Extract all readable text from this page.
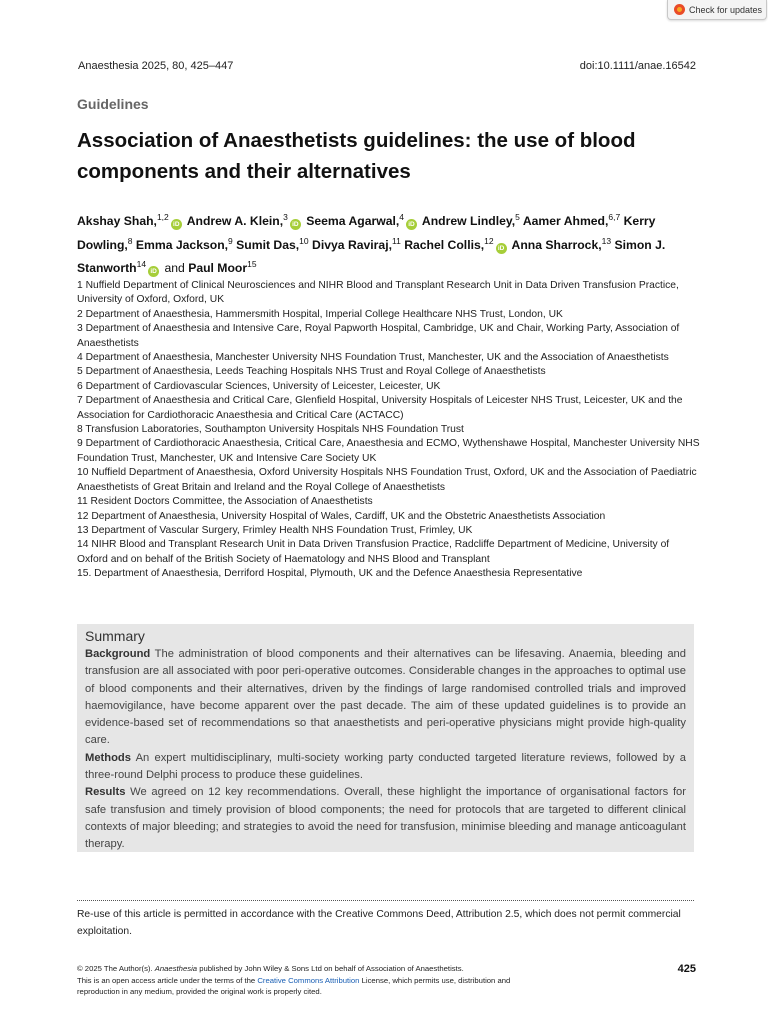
Check for updates
Anaesthesia 2025, 80, 425–447	doi:10.1111/anae.16542
Guidelines
Association of Anaesthetists guidelines: the use of blood components and their alternatives
Akshay Shah,$^{1,2}$iD Andrew A. Klein,$^3$iD Seema Agarwal,$^4$iD Andrew Lindley,$^5$ Aamer Ahmed,$^{6,7}$ Kerry Dowling,$^8$ Emma Jackson,$^9$ Sumit Das,$^{10}$ Divya Raviraj,$^{11}$ Rachel Collis,$^{12}$iD Anna Sharrock,$^{13}$ Simon J. Stanworth$^{14}$iD and Paul Moor$^{15}$
1 Nuffield Department of Clinical Neurosciences and NIHR Blood and Transplant Research Unit in Data Driven Transfusion Practice, University of Oxford, Oxford, UK
2 Department of Anaesthesia, Hammersmith Hospital, Imperial College Healthcare NHS Trust, London, UK
3 Department of Anaesthesia and Intensive Care, Royal Papworth Hospital, Cambridge, UK and Chair, Working Party, Association of Anaesthetists
4 Department of Anaesthesia, Manchester University NHS Foundation Trust, Manchester, UK and the Association of Anaesthetists
5 Department of Anaesthesia, Leeds Teaching Hospitals NHS Trust and Royal College of Anaesthetists
6 Department of Cardiovascular Sciences, University of Leicester, Leicester, UK
7 Department of Anaesthesia and Critical Care, Glenfield Hospital, University Hospitals of Leicester NHS Trust, Leicester, UK and the Association for Cardiothoracic Anaesthesia and Critical Care (ACTACC)
8 Transfusion Laboratories, Southampton University Hospitals NHS Foundation Trust
9 Department of Cardiothoracic Anaesthesia, Critical Care, Anaesthesia and ECMO, Wythenshawe Hospital, Manchester University NHS Foundation Trust, Manchester, UK and Intensive Care Society UK
10 Nuffield Department of Anaesthesia, Oxford University Hospitals NHS Foundation Trust, Oxford, UK and the Association of Paediatric Anaesthetists of Great Britain and Ireland and the Royal College of Anaesthetists
11 Resident Doctors Committee, the Association of Anaesthetists
12 Department of Anaesthesia, University Hospital of Wales, Cardiff, UK and the Obstetric Anaesthetists Association
13 Department of Vascular Surgery, Frimley Health NHS Foundation Trust, Frimley, UK
14 NIHR Blood and Transplant Research Unit in Data Driven Transfusion Practice, Radcliffe Department of Medicine, University of Oxford and on behalf of the British Society of Haematology and NHS Blood and Transplant
15. Department of Anaesthesia, Derriford Hospital, Plymouth, UK and the Defence Anaesthesia Representative
Summary

Background The administration of blood components and their alternatives can be lifesaving. Anaemia, bleeding and transfusion are all associated with poor peri-operative outcomes. Considerable changes in the approaches to optimal use of blood components and their alternatives, driven by the findings of large randomised controlled trials and improved haemovigilance, have become apparent over the past decade. The aim of these updated guidelines is to provide an evidence-based set of recommendations so that anaesthetists and peri-operative physicians might provide high-quality care.

Methods An expert multidisciplinary, multi-society working party conducted targeted literature reviews, followed by a three-round Delphi process to produce these guidelines.

Results We agreed on 12 key recommendations. Overall, these highlight the importance of organisational factors for safe transfusion and timely provision of blood components; the need for protocols that are targeted to different clinical contexts of major bleeding; and strategies to avoid the need for transfusion, minimise bleeding and manage anticoagulant therapy.

Re-use of this article is permitted in accordance with the Creative Commons Deed, Attribution 2.5, which does not permit commercial exploitation.
© 2025 The Author(s). Anaesthesia published by John Wiley & Sons Ltd on behalf of Association of Anaesthetists.
This is an open access article under the terms of the Creative Commons Attribution License, which permits use, distribution and reproduction in any medium, provided the original work is properly cited.
425
